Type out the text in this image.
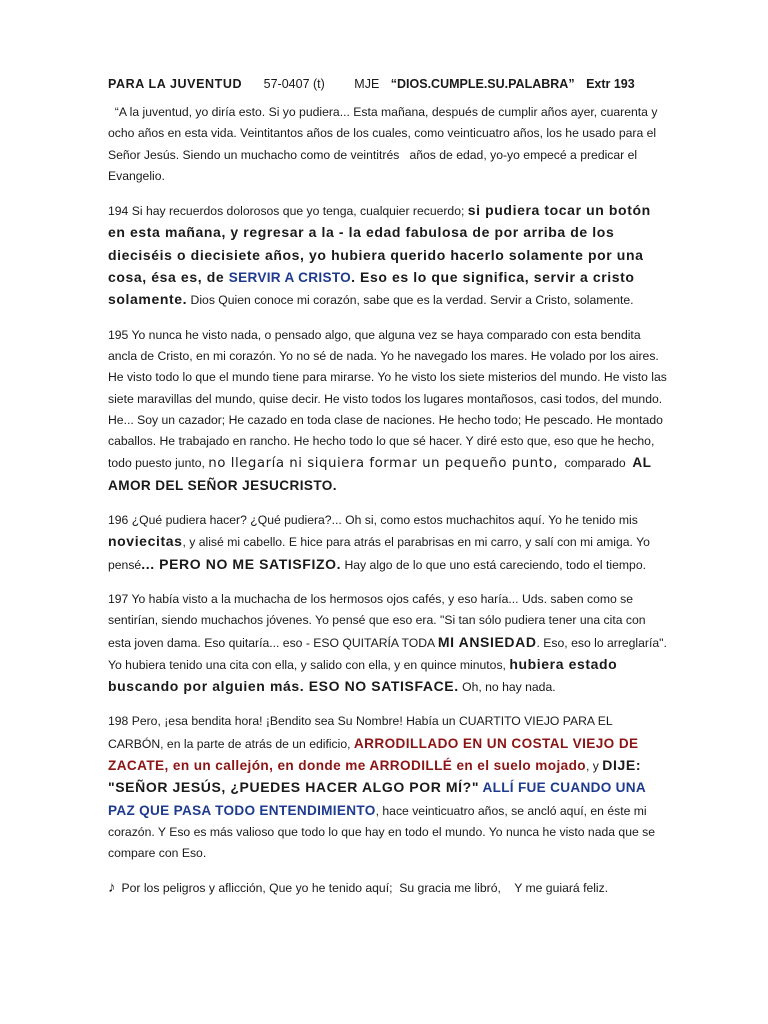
PARA LA JUVENTUD 57-0407 (t) MJE “DIOS.CUMPLE.SU.PALABRA” Extr 193

“A la juventud, yo diría esto. Si yo pudiera... Esta mañana, después de cumplir años ayer, cuarenta y ocho años en esta vida. Veintitantos años de los cuales, como veinticuatro años, los he usado para el Señor Jesús. Siendo un muchacho como de veintitrés   años de edad, yo-yo empecé a predicar el Evangelio.

194 Si hay recuerdos dolorosos que yo tenga, cualquier recuerdo; si pudiera tocar un botón en esta mañana, y regresar a la - la edad fabulosa de por arriba de los dieciséis o diecisiete años, yo hubiera querido hacerlo solamente por una cosa, ésa es, de SERVIR A CRISTO. Eso es lo que significa, servir a cristo solamente. Dios Quien conoce mi corazón, sabe que es la verdad. Servir a Cristo, solamente.

195 Yo nunca he visto nada, o pensado algo, que alguna vez se haya comparado con esta bendita ancla de Cristo, en mi corazón. Yo no sé de nada. Yo he navegado los mares. He volado por los aires. He visto todo lo que el mundo tiene para mirarse. Yo he visto los siete misterios del mundo. He visto las siete maravillas del mundo, quise decir. He visto todos los lugares montañosos, casi todos, del mundo. He... Soy un cazador; He cazado en toda clase de naciones. He hecho todo; He pescado. He montado caballos. He trabajado en rancho. He hecho todo lo que sé hacer. Y diré esto que, eso que he hecho, todo puesto junto, no llegaría ni siquiera formar un pequeño punto,  comparado  AL AMOR DEL SEÑOR JESUCRISTO.

196 ¿Qué pudiera hacer? ¿Qué pudiera?... Oh si, como estos muchachitos aquí. Yo he tenido mis noviecitas, y alisé mi cabello. E hice para atrás el parabrisas en mi carro, y salí con mi amiga. Yo pensé... PERO NO ME SATISFIZO. Hay algo de lo que uno está careciendo, todo el tiempo.

197 Yo había visto a la muchacha de los hermosos ojos cafés, y eso haría... Uds. saben como se sentirían, siendo muchachos jóvenes. Yo pensé que eso era. "Si tan sólo pudiera tener una cita con esta joven dama. Eso quitaría... eso - ESO QUITARÍA TODA MI ANSIEDAD. Eso, eso lo arreglaría". Yo hubiera tenido una cita con ella, y salido con ella, y en quince minutos, hubiera estado buscando por alguien más. ESO NO SATISFACE. Oh, no hay nada.

198 Pero, ¡esa bendita hora! ¡Bendito sea Su Nombre! Había un CUARTITO VIEJO PARA EL CARBÓN, en la parte de atrás de un edificio, ARRODILLADO EN UN COSTAL VIEJO DE ZACATE, en un callejón, en donde me ARRODILLÉ en el suelo mojado, y DIJE: "SEÑOR JESÚS, ¿PUEDES HACER ALGO POR MÍ?" ALLÍ FUE CUANDO UNA PAZ QUE PASA TODO ENTENDIMIENTO, hace veinticuatro años, se ancló aquí, en éste mi corazón. Y Eso es más valioso que todo lo que hay en todo el mundo. Yo nunca he visto nada que se compare con Eso.

♪ Por los peligros y aflicción, Que yo he tenido aquí;  Su gracia me libró,    Y me guiará feliz.
